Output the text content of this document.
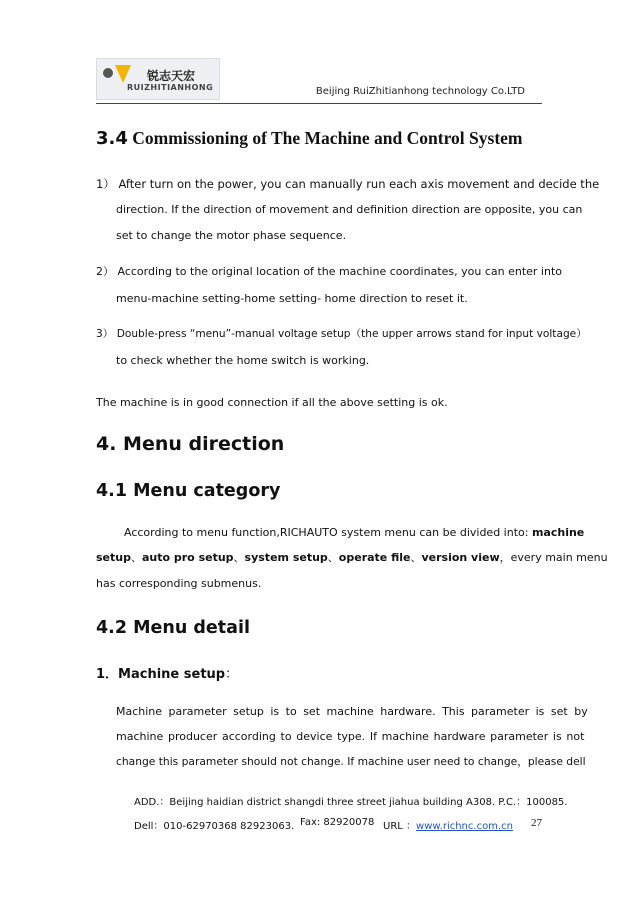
锐志天宏
RUIZHITIANHONG	Beijing RuiZhitianhong technology Co.LTD
3.4 Commissioning of The Machine and Control System
1） After turn on the power, you can manually run each axis movement and decide the
direction. If the direction of movement and definition direction are opposite, you can
set to change the motor phase sequence.
2） According to the original location of the machine coordinates, you can enter into
menu-machine setting-home setting- home direction to reset it.
3） Double-press “menu”-manual voltage setup（the upper arrows stand for input voltage）
to check whether the home switch is working.
The machine is in good connection if all the above setting is ok.
4. Menu direction
4.1 Menu category
According to menu function,RICHAUTO system menu can be divided into: machine
setup、auto pro setup、system setup、operate file、version view，every main menu
has corresponding submenus.
4.2 Menu detail
1．Machine setup：
Machine parameter setup is to set machine hardware. This parameter is set by
machine producer according to device type. If machine hardware parameter is not
change this parameter should not change. If machine user need to change，please dell
ADD.：Beijing haidian district shangdi three street jiahua building A308. P.C.：100085.
Dell：010-62970368 82923063. Fax: 82920078 URL ：www.richnc.com.cn 27
